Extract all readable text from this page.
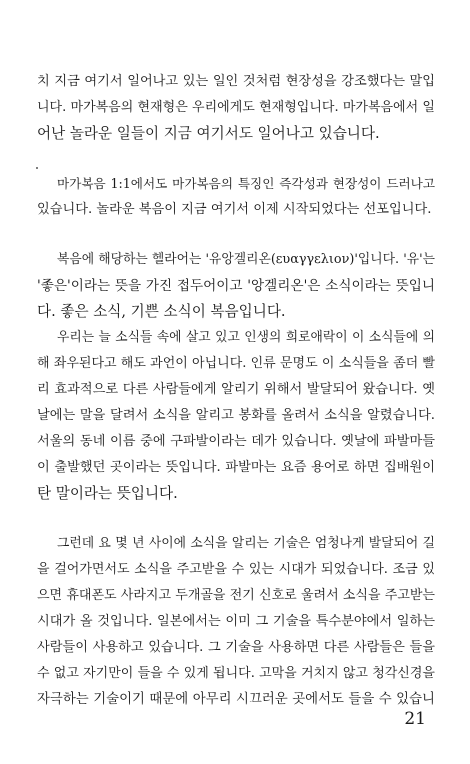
치 지금 여기서 일어나고 있는 일인 것처럼 현장성을 강조했다는 말입
니다. 마가복음의 현재형은 우리에게도 현재형입니다. 마가복음에서 일
어난 놀라운 일들이 지금 여기서도 일어나고 있습니다.
마가복음 1:1에서도 마가복음의 특징인 즉각성과 현장성이 드러나고
있습니다. 놀라운 복음이 지금 여기서 이제 시작되었다는 선포입니다.
복음에 해당하는 헬라어는 '유앙겔리온(ευαγγελιον)'입니다. '유'는
'좋은'이라는 뜻을 가진 접두어이고 '앙겔리온'은 소식이라는 뜻입니
다. 좋은 소식, 기쁜 소식이 복음입니다.
우리는 늘 소식들 속에 살고 있고 인생의 희로애락이 이 소식들에 의
해 좌우된다고 해도 과언이 아닙니다. 인류 문명도 이 소식들을 좀더 빨
리 효과적으로 다른 사람들에게 알리기 위해서 발달되어 왔습니다. 옛
날에는 말을 달려서 소식을 알리고 봉화를 올려서 소식을 알렸습니다.
서울의 동네 이름 중에 구파발이라는 데가 있습니다. 옛날에 파발마들
이 출발했던 곳이라는 뜻입니다. 파발마는 요즘 용어로 하면 집배원이
탄 말이라는 뜻입니다.
그런데 요 몇 년 사이에 소식을 알리는 기술은 엄청나게 발달되어 길
을 걸어가면서도 소식을 주고받을 수 있는 시대가 되었습니다. 조금 있
으면 휴대폰도 사라지고 두개골을 전기 신호로 울려서 소식을 주고받는
시대가 올 것입니다. 일본에서는 이미 그 기술을 특수분야에서 일하는
사람들이 사용하고 있습니다. 그 기술을 사용하면 다른 사람들은 들을
수 없고 자기만이 들을 수 있게 됩니다. 고막을 거치지 않고 청각신경을
자극하는 기술이기 때문에 아무리 시끄러운 곳에서도 들을 수 있습니
21
